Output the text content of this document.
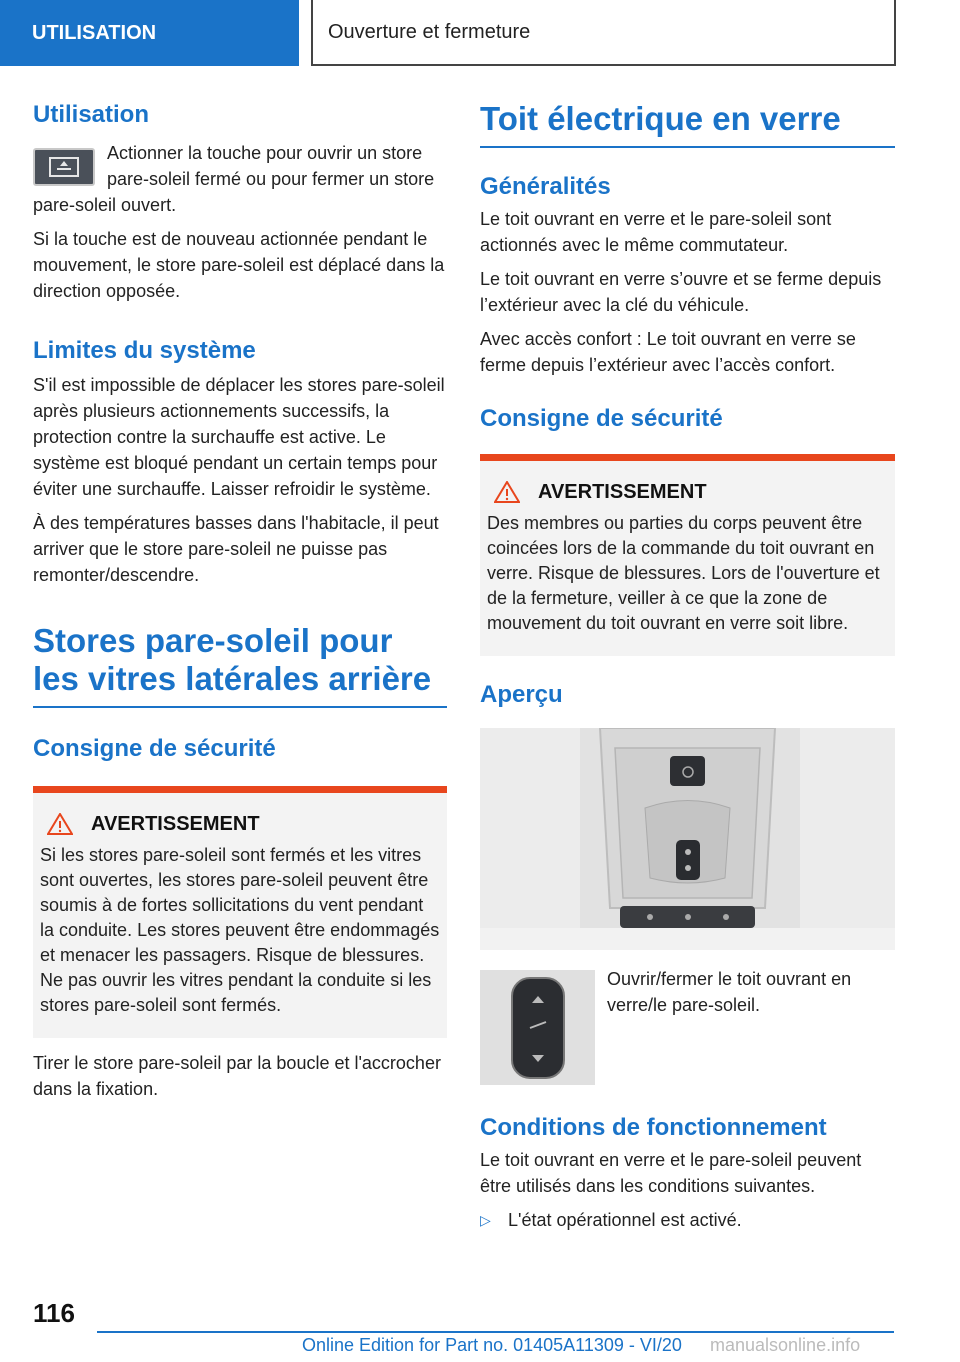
UTILISATION	Ouverture et fermeture
Utilisation

Actionner la touche pour ouvrir un store pare-soleil fermé ou pour fermer un store pare-soleil ouvert.

Si la touche est de nouveau actionnée pendant le mouvement, le store pare-soleil est déplacé dans la direction opposée.

Limites du système

S'il est impossible de déplacer les stores pare-soleil après plusieurs actionnements successifs, la protection contre la surchauffe est active. Le système est bloqué pendant un certain temps pour éviter une surchauffe. Laisser refroidir le système.

À des températures basses dans l'habitacle, il peut arriver que le store pare-soleil ne puisse pas remonter/descendre.

Stores pare-soleil pour les vitres latérales arrière
Consigne de sécurité
AVERTISSEMENT

Si les stores pare-soleil sont fermés et les vitres sont ouvertes, les stores pare-soleil peuvent être soumis à de fortes sollicitations du vent pendant la conduite. Les stores peuvent être endommagés et menacer les passagers. Risque de blessures. Ne pas ouvrir les vitres pendant la conduite si les stores pare-soleil sont fermés.

Tirer le store pare-soleil par la boucle et l'accrocher dans la fixation.

Toit électrique en verre
Généralités

Le toit ouvrant en verre et le pare-soleil sont actionnés avec le même commutateur.

Le toit ouvrant en verre s’ouvre et se ferme depuis l’extérieur avec la clé du véhicule.

Avec accès confort : Le toit ouvrant en verre se ferme depuis l’extérieur avec l’accès confort.

Consigne de sécurité
AVERTISSEMENT

Des membres ou parties du corps peuvent être coincées lors de la commande du toit ouvrant en verre. Risque de blessures. Lors de l'ouverture et de la fermeture, veiller à ce que la zone de mouvement du toit ouvrant en verre soit libre.

Aperçu

Ouvrir/fermer le toit ouvrant en verre/le pare-soleil.

Conditions de fonctionnement

Le toit ouvrant en verre et le pare-soleil peuvent être utilisés dans les conditions suivantes.

▷ L'état opérationnel est activé.
116
Online Edition for Part no. 01405A11309 - VI/20 manualsonline.info
